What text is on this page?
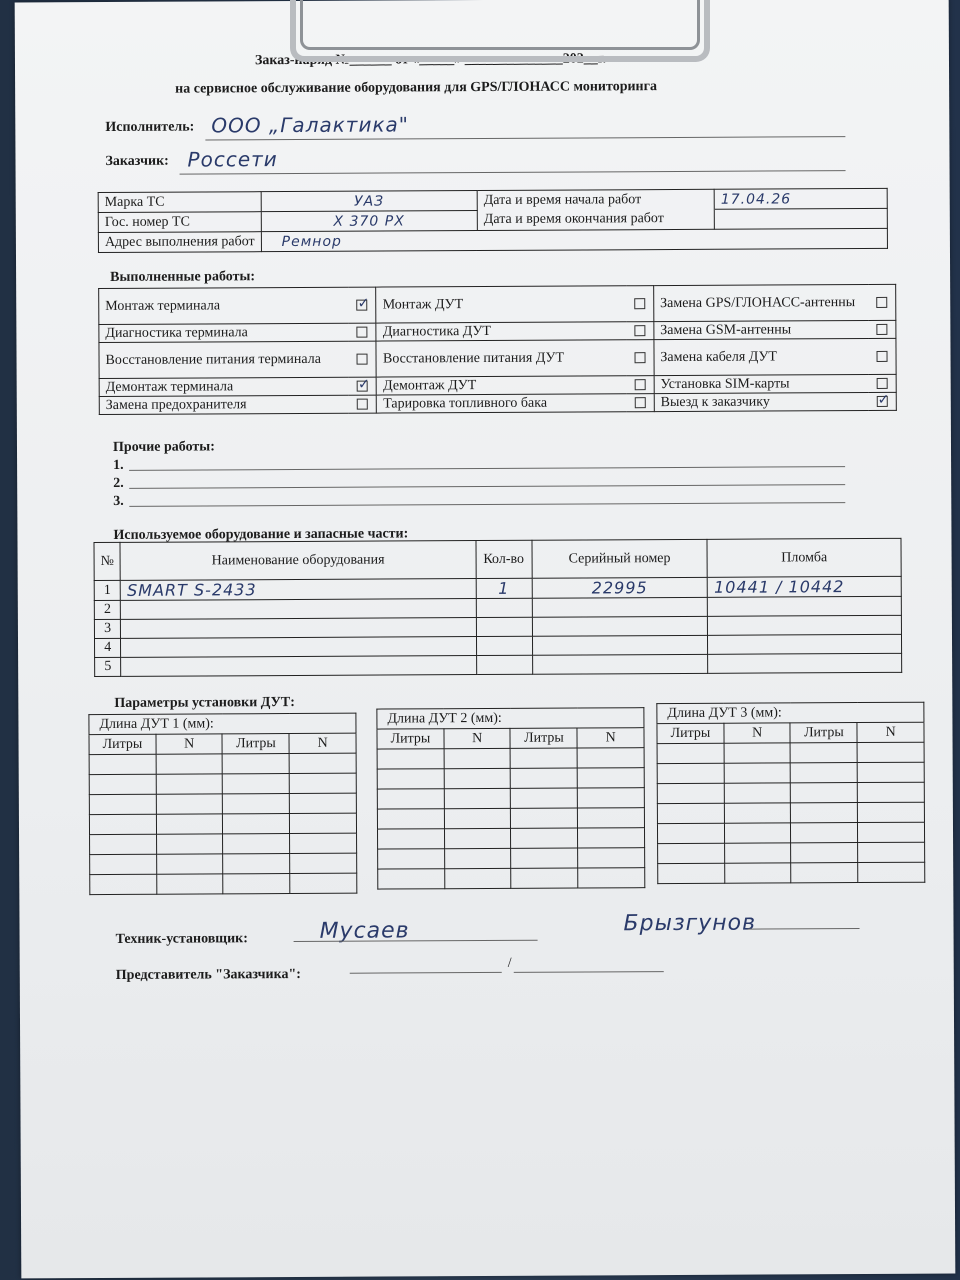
Заказ-наряд №______ от «_____» ______________202__г.
на сервисное обслуживание оборудования для GPS/ГЛОНАСС мониторинга
Исполнитель: ООО „Галактика"
Заказчик: Россети
Марка ТС	УАЗ	Дата и время начала работ	17.04.26
Гос. номер ТС	Х 370 РХ	Дата и время окончания работ	
Адрес выполнения работ	Ремнор		
Выполненные работы:
Монтаж терминала	✓	Монтаж ДУТ		Замена GPS/ГЛОНАСС-антенны	
Диагностика терминала		Диагностика ДУТ		Замена GSM-антенны	
Восстановление питания терминала		Восстановление питания ДУТ		Замена кабеля ДУТ	
Демонтаж терминала	✓	Демонтаж ДУТ		Установка SIM-карты	
Замена предохранителя		Тарировка топливного бака		Выезд к заказчику	✓
Прочие работы:
1.
2.
3.
Используемое оборудование и запасные части:
№	Наименование оборудования	Кол-во	Серийный номер	Пломба
1	SMART S-2433	1	22995	10441 / 10442
2				
3				
4				
5				
Параметры установки ДУТ:
Техник-установщик:	Мусаев	Брызгунов
Представитель "Заказчика":
/
Длина ДУТ 1 (мм):			
Литры	N	Литры	N

Длина ДУТ 2 (мм):			
Литры	N	Литры	N

Длина ДУТ 3 (мм):			
Литры	N	Литры	N
